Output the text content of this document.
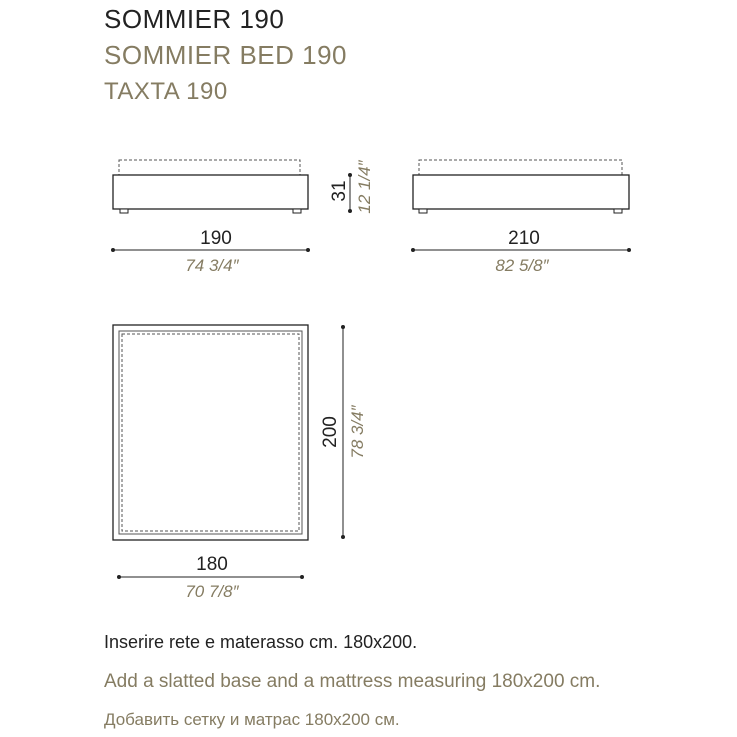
SOMMIER 190
SOMMIER BED 190
TAXTA 190
190
74 3/4″
31 12 1/4″
210
82 5/8″
200 78 3/4″
180
70 7/8″
Inserire rete e materasso cm. 180x200.
Add a slatted base and a mattress measuring 180x200 cm.
Добавить сетку и матрас 180x200 см.
